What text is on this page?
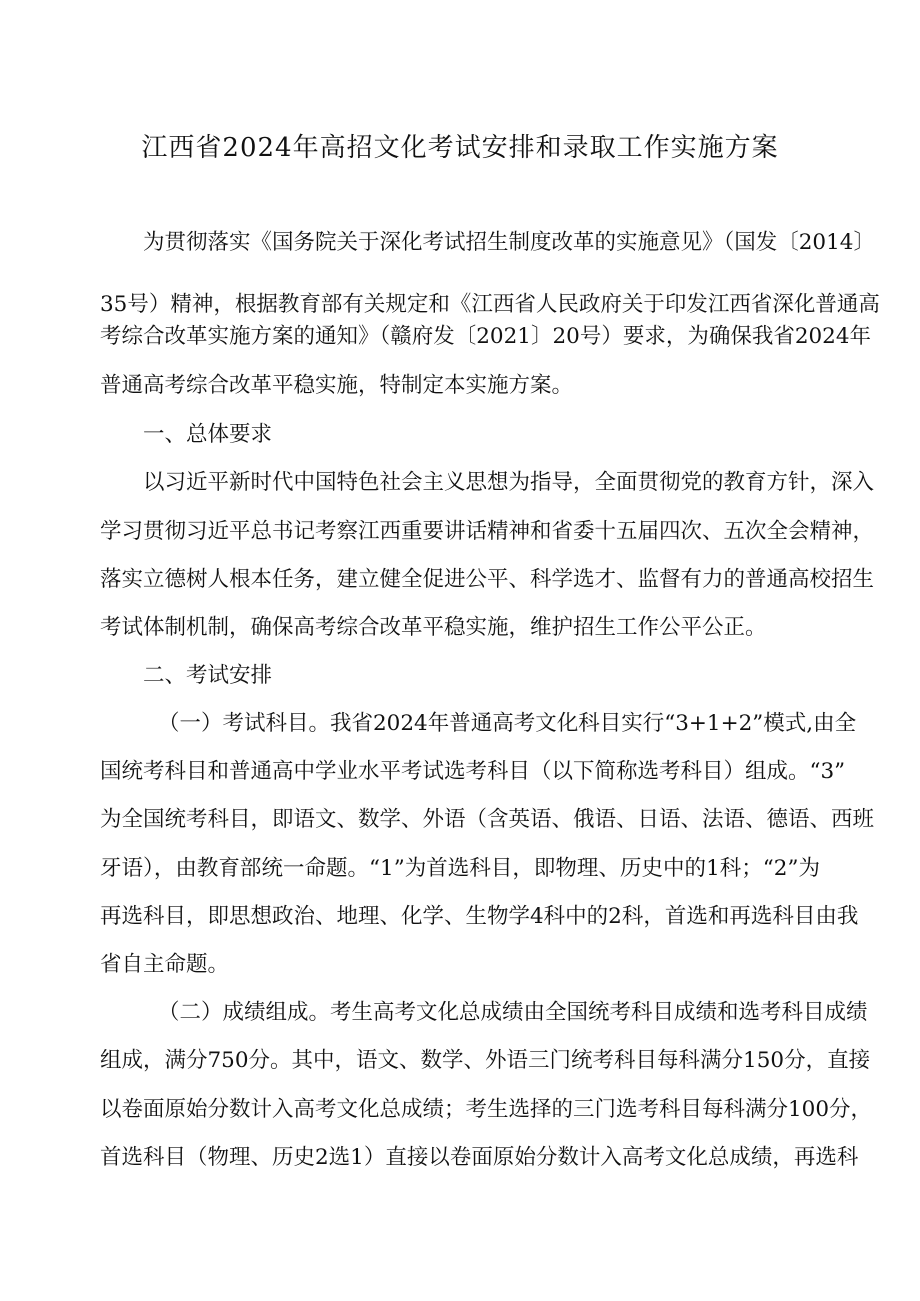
江西省2024年高招文化考试安排和录取工作实施方案
为贯彻落实《国务院关于深化考试招生制度改革的实施意见》（国发〔2014〕
35号）精神，根据教育部有关规定和《江西省人民政府关于印发江西省深化普通高
考综合改革实施方案的通知》（赣府发〔2021〕20号）要求，为确保我省2024年
普通高考综合改革平稳实施，特制定本实施方案。
一、总体要求
以习近平新时代中国特色社会主义思想为指导，全面贯彻党的教育方针，深入
学习贯彻习近平总书记考察江西重要讲话精神和省委十五届四次、五次全会精神，
落实立德树人根本任务，建立健全促进公平、科学选才、监督有力的普通高校招生
考试体制机制，确保高考综合改革平稳实施，维护招生工作公平公正。
二、考试安排
（一）考试科目。我省2024年普通高考文化科目实行“3+1+2”模式,由全
国统考科目和普通高中学业水平考试选考科目（以下简称选考科目）组成。“3”
为全国统考科目，即语文、数学、外语（含英语、俄语、日语、法语、德语、西班
牙语），由教育部统一命题。“1”为首选科目，即物理、历史中的1科；“2”为
再选科目，即思想政治、地理、化学、生物学4科中的2科，首选和再选科目由我
省自主命题。
（二）成绩组成。考生高考文化总成绩由全国统考科目成绩和选考科目成绩
组成，满分750分。其中，语文、数学、外语三门统考科目每科满分150分，直接
以卷面原始分数计入高考文化总成绩；考生选择的三门选考科目每科满分100分，
首选科目（物理、历史2选1）直接以卷面原始分数计入高考文化总成绩，再选科
